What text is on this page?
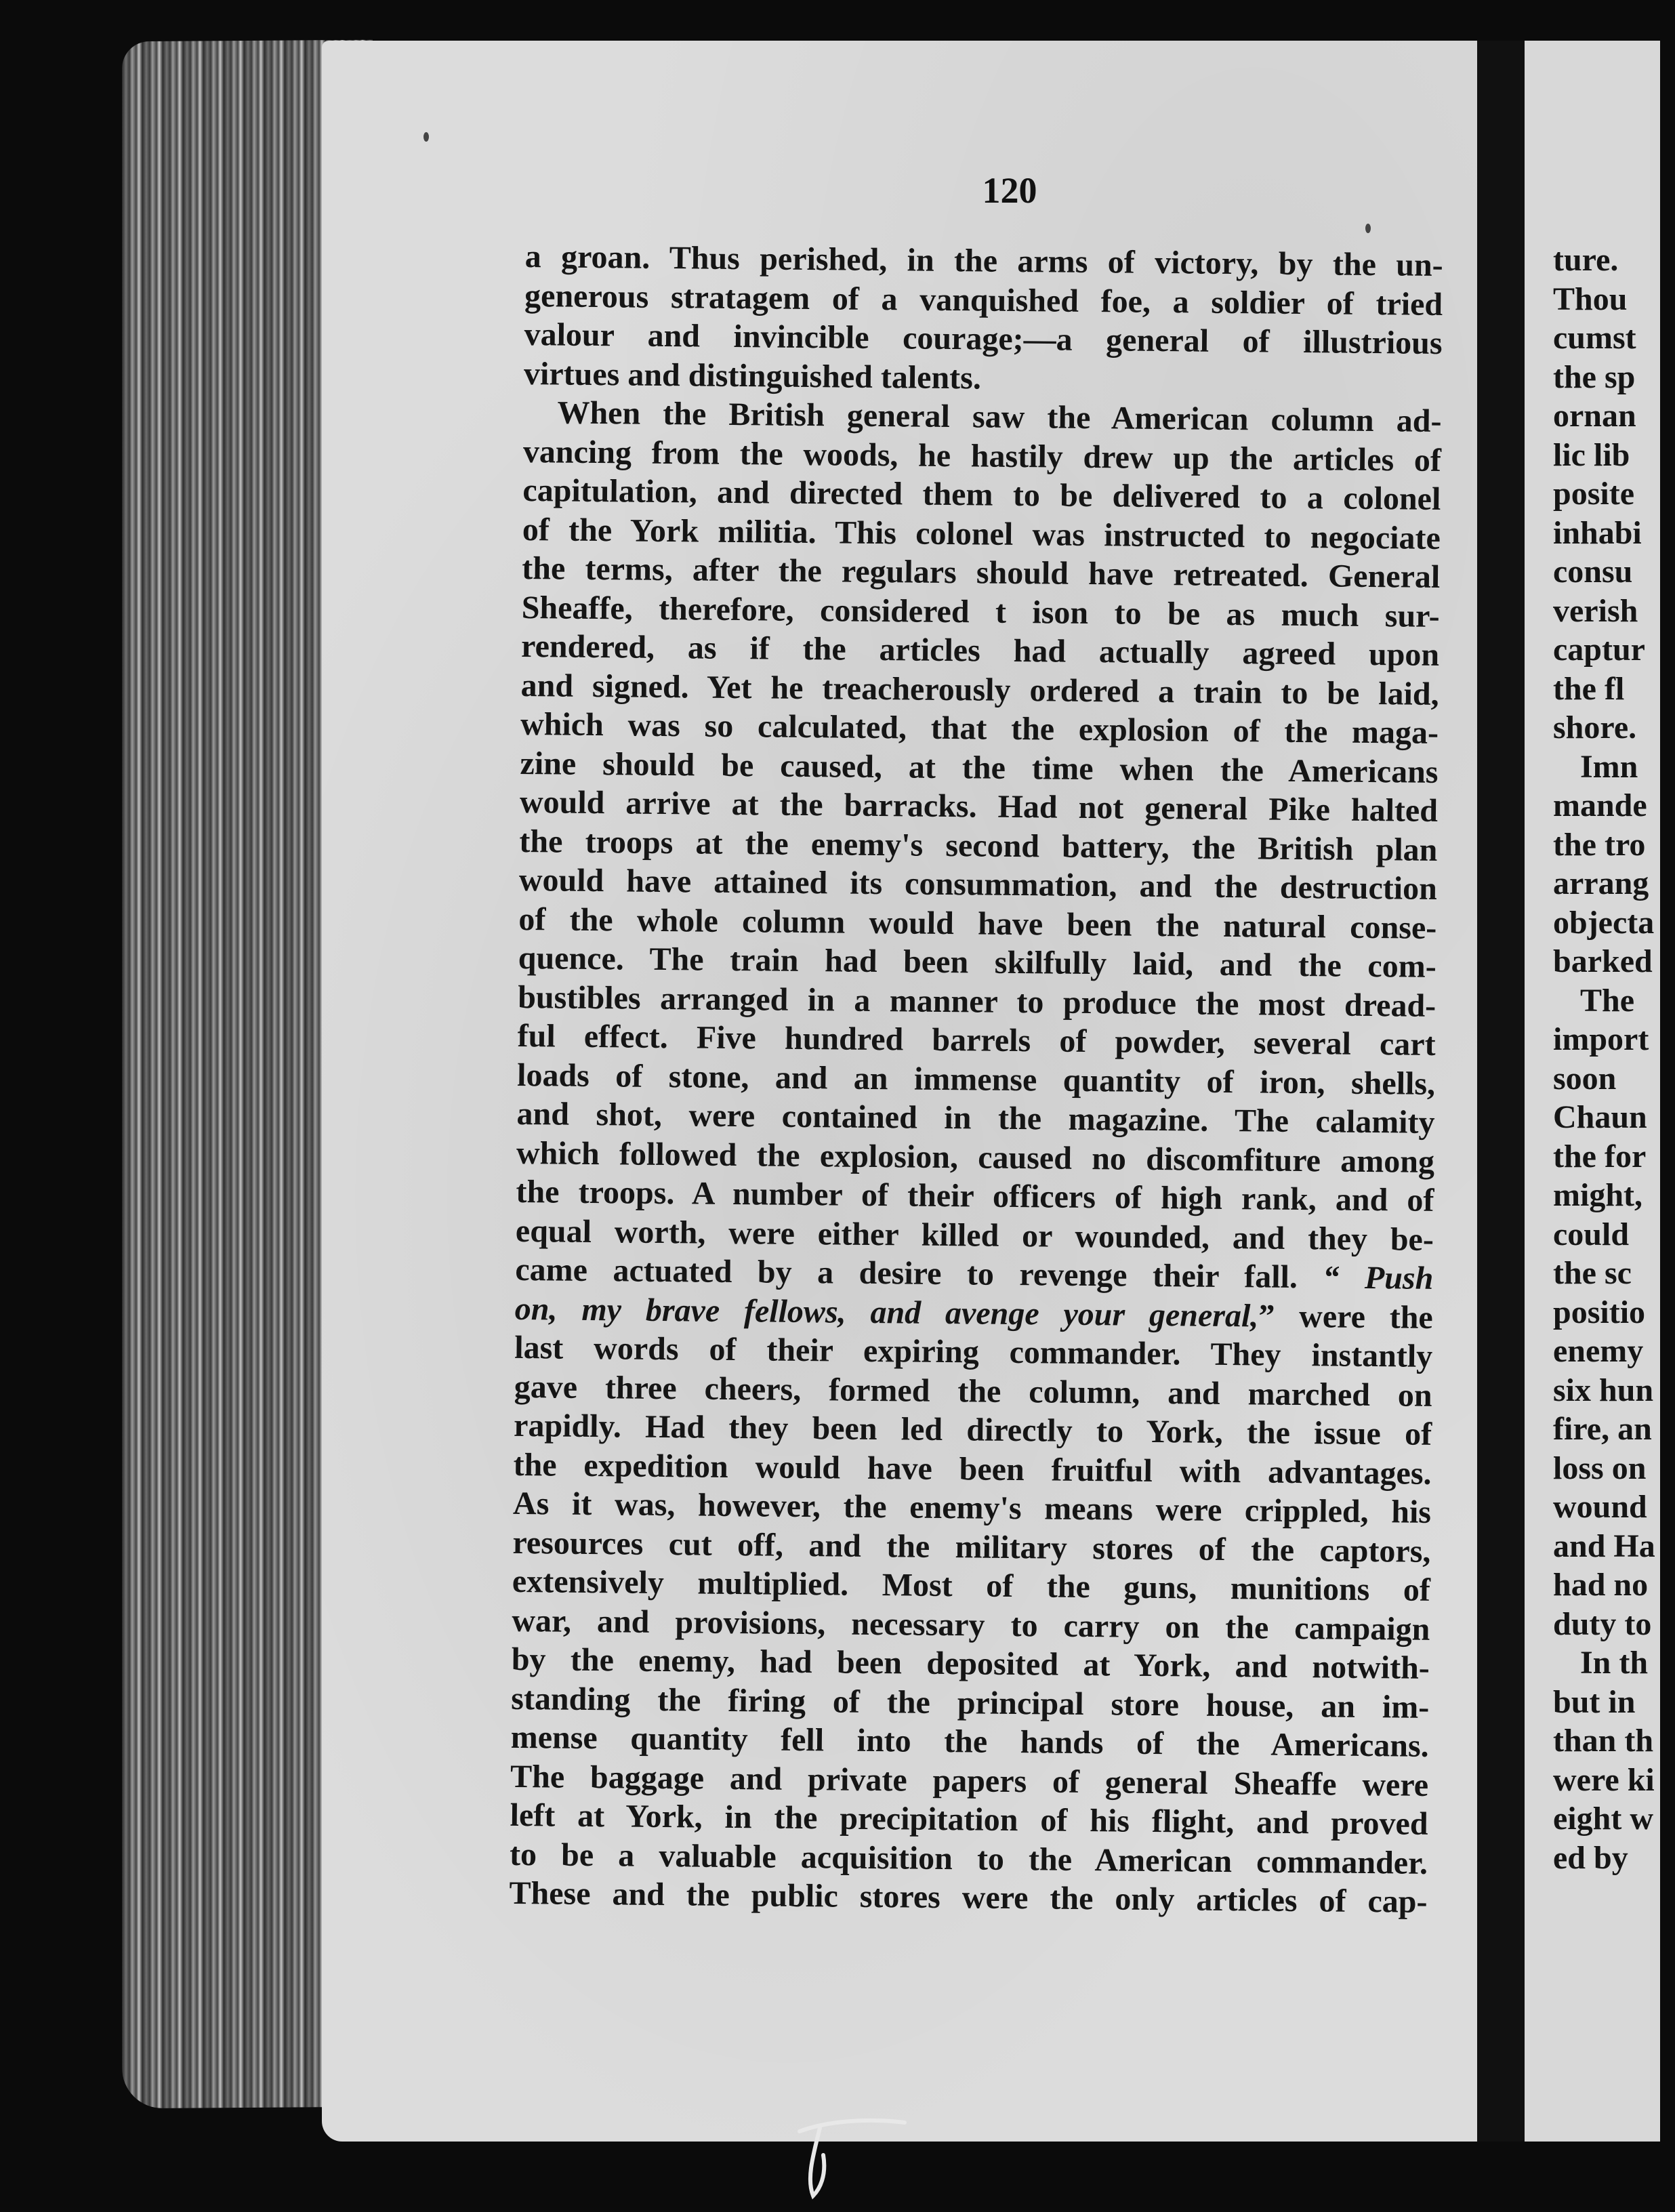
120
a groan. Thus perished, in the arms of victory, by the un-
generous stratagem of a vanquished foe, a soldier of tried
valour and invincible courage;—a general of illustrious
virtues and distinguished talents.
When the British general saw the American column ad-
vancing from the woods, he hastily drew up the articles of
capitulation, and directed them to be delivered to a colonel
of the York militia. This colonel was instructed to negociate
the terms, after the regulars should have retreated. General
Sheaffe, therefore, considered t ison to be as much sur-
rendered, as if the articles had actually agreed upon
and signed. Yet he treacherously ordered a train to be laid,
which was so calculated, that the explosion of the maga-
zine should be caused, at the time when the Americans
would arrive at the barracks. Had not general Pike halted
the troops at the enemy's second battery, the British plan
would have attained its consummation, and the destruction
of the whole column would have been the natural conse-
quence. The train had been skilfully laid, and the com-
bustibles arranged in a manner to produce the most dread-
ful effect. Five hundred barrels of powder, several cart
loads of stone, and an immense quantity of iron, shells,
and shot, were contained in the magazine. The calamity
which followed the explosion, caused no discomfiture among
the troops. A number of their officers of high rank, and of
equal worth, were either killed or wounded, and they be-
came actuated by a desire to revenge their fall. “ Push
on, my brave fellows, and avenge your general,” were the
last words of their expiring commander. They instantly
gave three cheers, formed the column, and marched on
rapidly. Had they been led directly to York, the issue of
the expedition would have been fruitful with advantages.
As it was, however, the enemy's means were crippled, his
resources cut off, and the military stores of the captors,
extensively multiplied. Most of the guns, munitions of
war, and provisions, necessary to carry on the campaign
by the enemy, had been deposited at York, and notwith-
standing the firing of the principal store house, an im-
mense quantity fell into the hands of the Americans.
The baggage and private papers of general Sheaffe were
left at York, in the precipitation of his flight, and proved
to be a valuable acquisition to the American commander.
These and the public stores were the only articles of cap-
ture.
Thou
cumst
the sp
ornan
lic lib
posite
inhabi
consu
verish
captur
the fl
shore.
Imn
mande
the tro
arrang
objecta
barked
The
import
soon
Chaun
the for
might,
could
the sc
positio
enemy
six hun
fire, an
loss on
wound
and Ha
had no
duty to
In th
but in
than th
were ki
eight w
ed by
